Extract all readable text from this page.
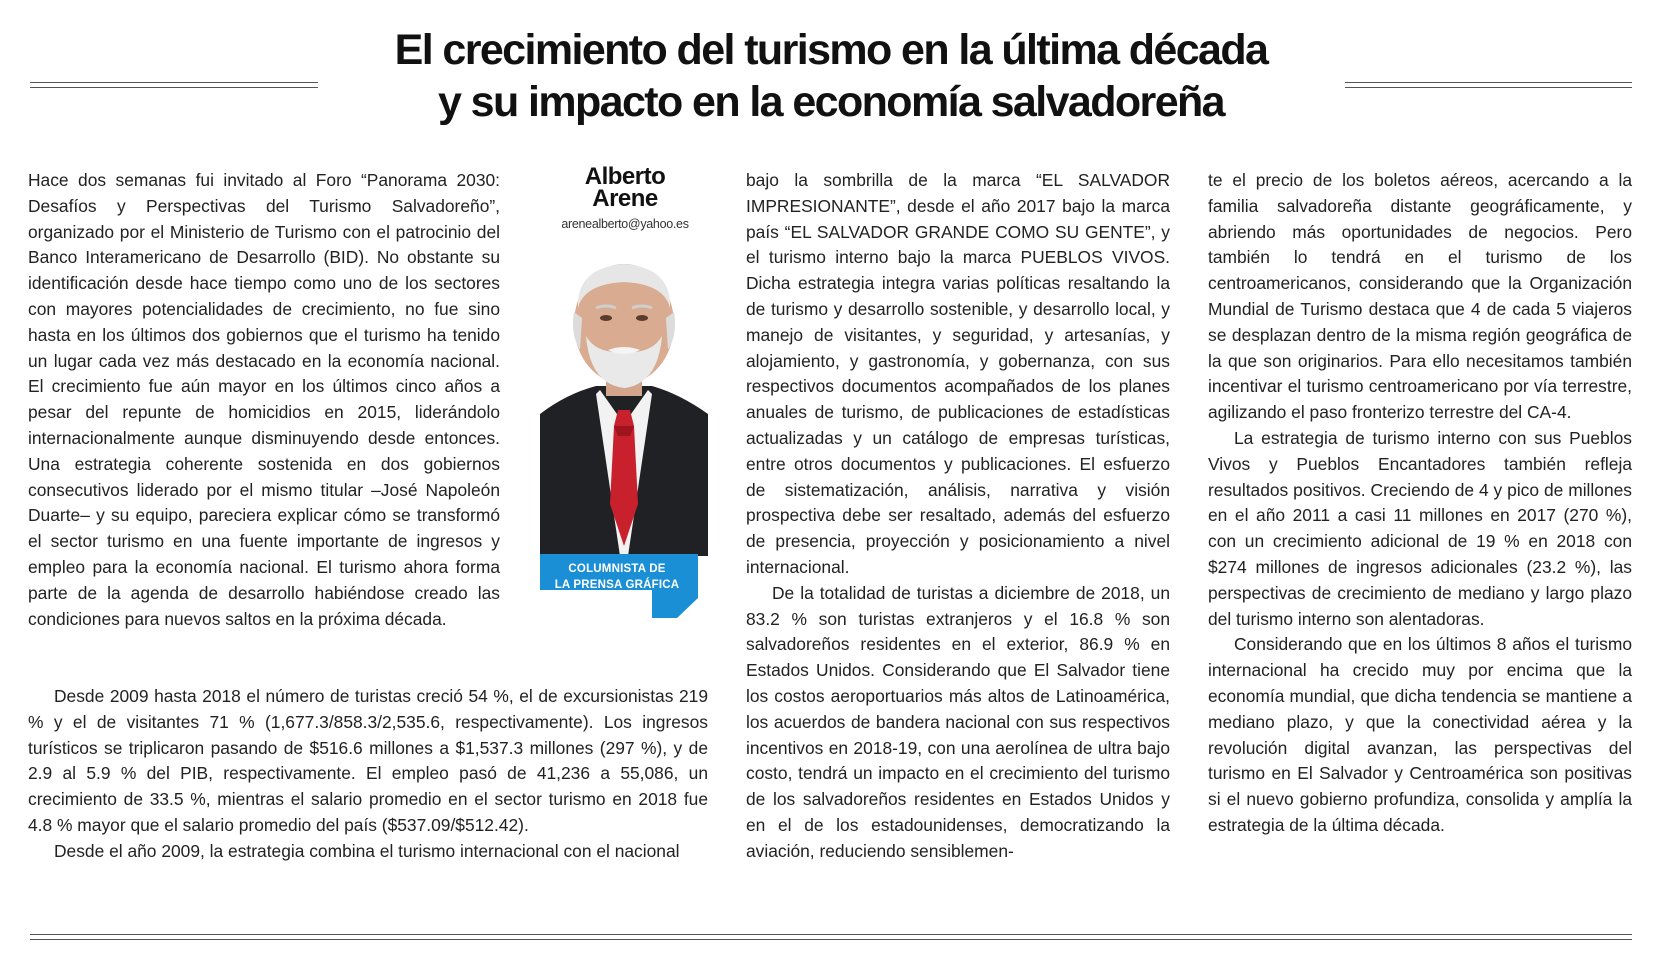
El crecimiento del turismo en la última década
y su impacto en la economía salvadoreña

Hace dos semanas fui invitado al Foro “Panorama 2030: Desafíos y Perspectivas del Turismo Salvadoreño”, organizado por el Ministerio de Turismo con el patrocinio del Banco Interamericano de Desarrollo (BID). No obstante su identificación desde hace tiempo como uno de los sectores con mayores potencialidades de crecimiento, no fue sino hasta en los últimos dos gobiernos que el turismo ha tenido un lugar cada vez más destacado en la economía nacional. El crecimiento fue aún mayor en los últimos cinco años a pesar del repunte de homicidios en 2015, liderándolo internacionalmente aunque disminuyendo desde entonces. Una estrategia coherente sostenida en dos gobiernos consecutivos liderado por el mismo titular –José Napoleón Duarte– y su equipo, pareciera explicar cómo se transformó el sector turismo en una fuente importante de ingresos y empleo para la economía nacional. El turismo ahora forma parte de la agenda de desarrollo habiéndose creado las condiciones para nuevos saltos en la próxima década.

Alberto
Arene
arenealberto@yahoo.es
COLUMNISTA DE
LA PRENSA GRÁFICA

Desde 2009 hasta 2018 el número de turistas creció 54 %, el de excursionistas 219 % y el de visitantes 71 % (1,677.3/858.3/2,535.6, respectivamente). Los ingresos turísticos se triplicaron pasando de $516.6 millones a $1,537.3 millones (297 %), y de 2.9 al 5.9 % del PIB, respectivamente. El empleo pasó de 41,236 a 55,086, un crecimiento de 33.5 %, mientras el salario promedio en el sector turismo en 2018 fue 4.8 % mayor que el salario promedio del país ($537.09/$512.42).

Desde el año 2009, la estrategia combina el turismo internacional con el nacional

bajo la sombrilla de la marca “EL SALVADOR IMPRESIONANTE”, desde el año 2017 bajo la marca país “EL SALVADOR GRANDE COMO SU GENTE”, y el turismo interno bajo la marca PUEBLOS VIVOS. Dicha estrategia integra varias políticas resaltando la de turismo y desarrollo sostenible, y desarrollo local, y manejo de visitantes, y seguridad, y artesanías, y alojamiento, y gastronomía, y gobernanza, con sus respectivos documentos acompañados de los planes anuales de turismo, de publicaciones de estadísticas actualizadas y un catálogo de empresas turísticas, entre otros documentos y publicaciones. El esfuerzo de sistematización, análisis, narrativa y visión prospectiva debe ser resaltado, además del esfuerzo de presencia, proyección y posicionamiento a nivel internacional.

De la totalidad de turistas a diciembre de 2018, un 83.2 % son turistas extranjeros y el 16.8 % son salvadoreños residentes en el exterior, 86.9 % en Estados Unidos. Considerando que El Salvador tiene los costos aeroportuarios más altos de Latinoamérica, los acuerdos de bandera nacional con sus respectivos incentivos en 2018-19, con una aerolínea de ultra bajo costo, tendrá un impacto en el crecimiento del turismo de los salvadoreños residentes en Estados Unidos y en el de los estadounidenses, democratizando la aviación, reduciendo sensiblemen-

te el precio de los boletos aéreos, acercando a la familia salvadoreña distante geográficamente, y abriendo más oportunidades de negocios. Pero también lo tendrá en el turismo de los centroamericanos, considerando que la Organización Mundial de Turismo destaca que 4 de cada 5 viajeros se desplazan dentro de la misma región geográfica de la que son originarios. Para ello necesitamos también incentivar el turismo centroamericano por vía terrestre, agilizando el paso fronterizo terrestre del CA-4.

La estrategia de turismo interno con sus Pueblos Vivos y Pueblos Encantadores también refleja resultados positivos. Creciendo de 4 y pico de millones en el año 2011 a casi 11 millones en 2017 (270 %), con un crecimiento adicional de 19 % en 2018 con $274 millones de ingresos adicionales (23.2 %), las perspectivas de crecimiento de mediano y largo plazo del turismo interno son alentadoras.

Considerando que en los últimos 8 años el turismo internacional ha crecido muy por encima que la economía mundial, que dicha tendencia se mantiene a mediano plazo, y que la conectividad aérea y la revolución digital avanzan, las perspectivas del turismo en El Salvador y Centroamérica son positivas si el nuevo gobierno profundiza, consolida y amplía la estrategia de la última década.
